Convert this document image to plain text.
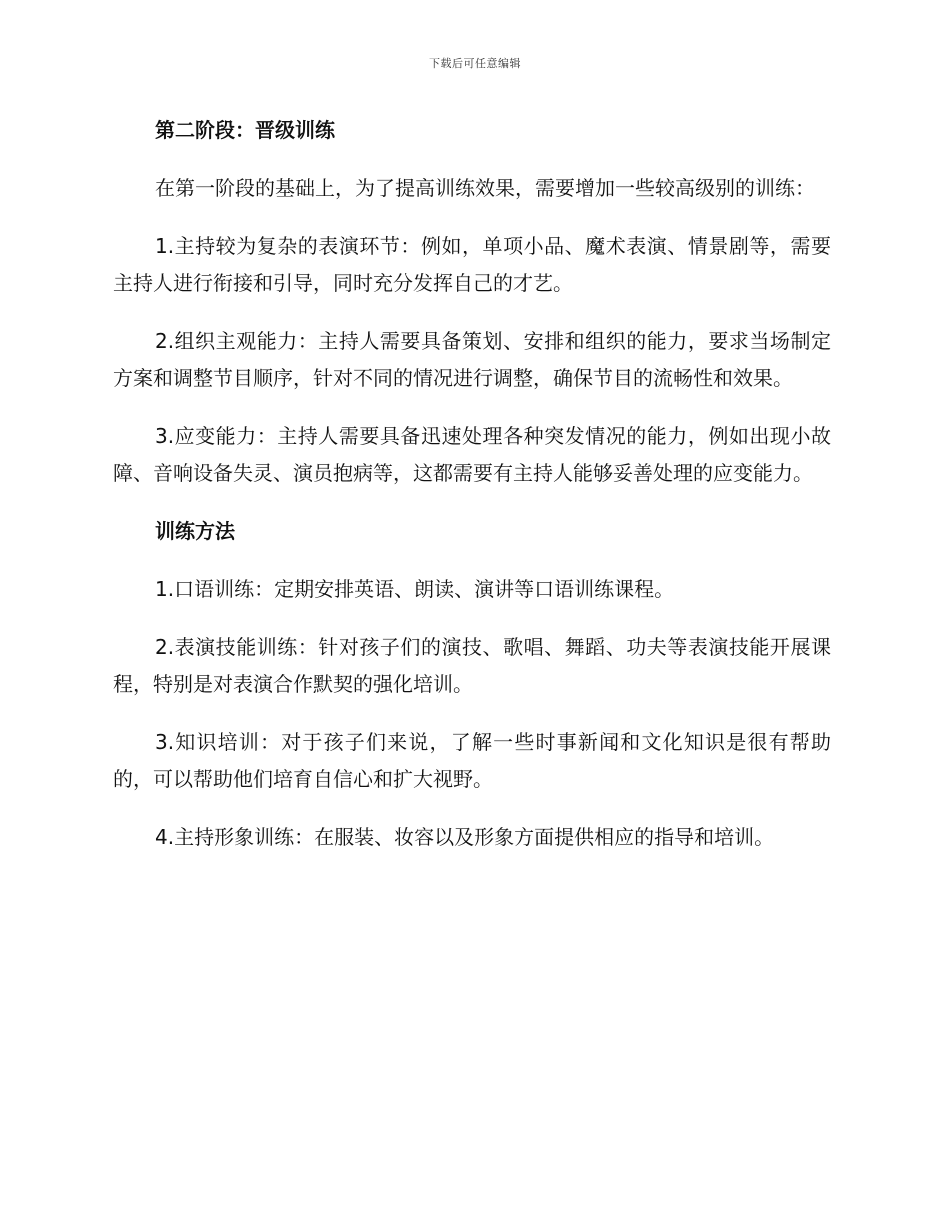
下载后可任意编辑
第二阶段：晋级训练

在第一阶段的基础上，为了提高训练效果，需要增加一些较高级别的训练：

1.主持较为复杂的表演环节：例如，单项小品、魔术表演、情景剧等，需要主持人进行衔接和引导，同时充分发挥自己的才艺。

2.组织主观能力：主持人需要具备策划、安排和组织的能力，要求当场制定方案和调整节目顺序，针对不同的情况进行调整，确保节目的流畅性和效果。

3.应变能力：主持人需要具备迅速处理各种突发情况的能力，例如出现小故障、音响设备失灵、演员抱病等，这都需要有主持人能够妥善处理的应变能力。

训练方法

1.口语训练：定期安排英语、朗读、演讲等口语训练课程。

2.表演技能训练：针对孩子们的演技、歌唱、舞蹈、功夫等表演技能开展课程，特别是对表演合作默契的强化培训。

3.知识培训：对于孩子们来说，了解一些时事新闻和文化知识是很有帮助的，可以帮助他们培育自信心和扩大视野。

4.主持形象训练：在服装、妆容以及形象方面提供相应的指导和培训。
